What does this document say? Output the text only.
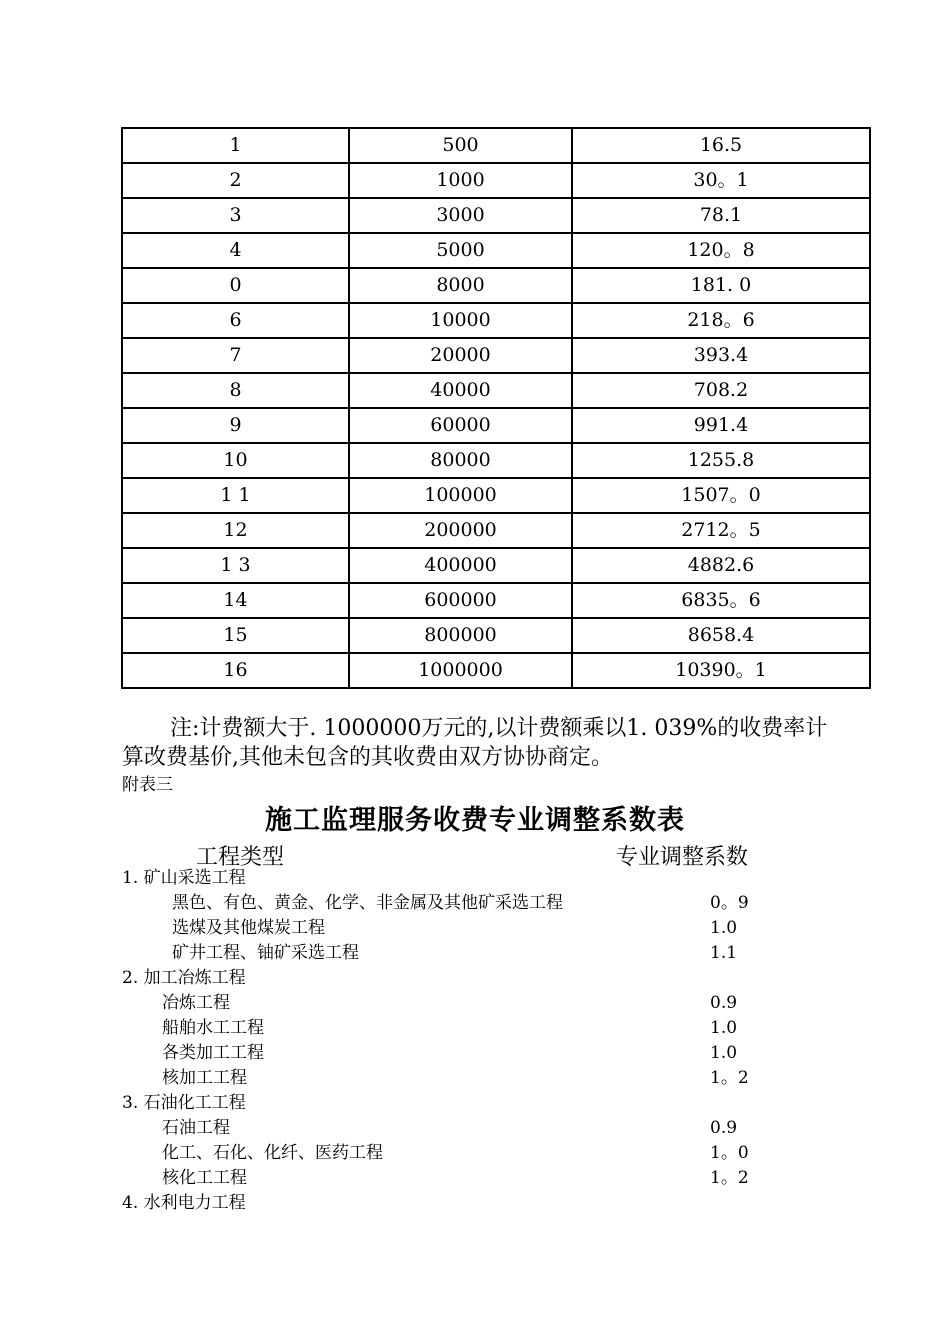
1	500	16.5
2	1000	30。1
3	3000	78.1
4	5000	120。8
0	8000	181. 0
6	10000	218。6
7	20000	393.4
8	40000	708.2
9	60000	991.4
10	80000	1255.8
1 1	100000	1507。0
12	200000	2712。5
1 3	400000	4882.6
14	600000	6835。6
15	800000	8658.4
16	1000000	10390。1
注:计费额大于. 1000000万元的,以计费额乘以1. 039%的收费率计算改费基价,其他未包含的其收费由双方协协商定。
附表三
施工监理服务收费专业调整系数表
工程类型	专业调整系数
1. 矿山采选工程
黑色、有色、黄金、化学、非金属及其他矿采选工程	0。9
选煤及其他煤炭工程	1.0
矿井工程、铀矿采选工程	1.1
2. 加工冶炼工程
冶炼工程	0.9
船舶水工工程	1.0
各类加工工程	1.0
核加工工程	1。2
3. 石油化工工程
石油工程	0.9
化工、石化、化纤、医药工程	1。0
核化工工程	1。2
4. 水利电力工程
